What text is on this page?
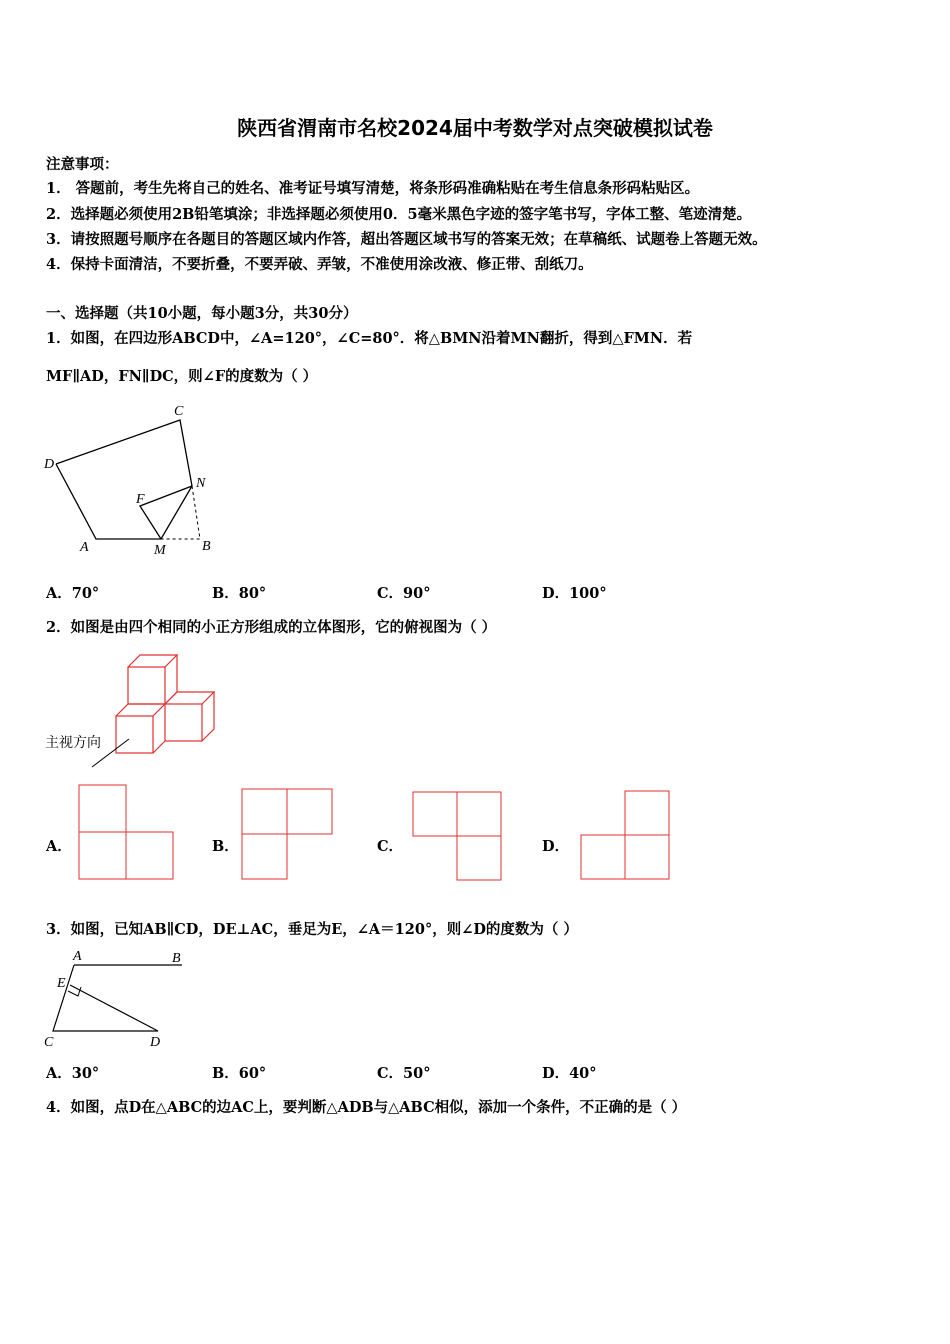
陕西省渭南市名校2024届中考数学对点突破模拟试卷
注意事项：
1． 答题前，考生先将自己的姓名、准考证号填写清楚，将条形码准确粘贴在考生信息条形码粘贴区。
2．选择题必须使用2B铅笔填涂；非选择题必须使用0．5毫米黑色字迹的签字笔书写，字体工整、笔迹清楚。
3．请按照题号顺序在各题目的答题区域内作答，超出答题区域书写的答案无效；在草稿纸、试题卷上答题无效。
4．保持卡面清洁，不要折叠，不要弄破、弄皱，不准使用涂改液、修正带、刮纸刀。
一、选择题（共10小题，每小题3分，共30分）
1．如图，在四边形ABCD中，∠A=120°，∠C=80°．将△BMN沿着MN翻折，得到△FMN．若
MF∥AD，FN∥DC，则∠F的度数为（ ）
C
D
F
N
A	M	B
A．70°	B．80°	C．90°	D．100°
2．如图是由四个相同的小正方形组成的立体图形，它的俯视图为（ ）
主视方向
A．	B．	C．	D．
3．如图，已知AB∥CD，DE⊥AC，垂足为E，∠A＝120°，则∠D的度数为（ ）
A	B
E
C	D
A．30°	B．60°	C．50°	D．40°
4．如图，点D在△ABC的边AC上，要判断△ADB与△ABC相似，添加一个条件，不正确的是（ ）
